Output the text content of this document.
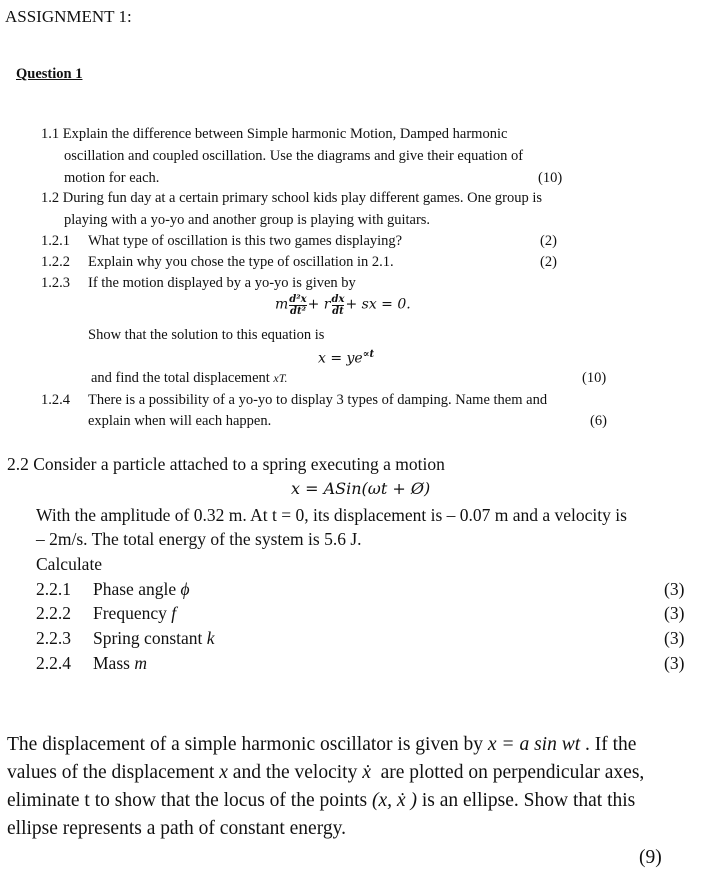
ASSIGNMENT 1:
Question 1
1.1 Explain the difference between Simple harmonic Motion, Damped harmonic
oscillation and coupled oscillation. Use the diagrams and give their equation of
motion for each.	(10)
1.2 During fun day at a certain primary school kids play different games. One group is
playing with a yo-yo and another group is playing with guitars.
1.2.1 What type of oscillation is this two games displaying?	(2)
1.2.2 Explain why you chose the type of oscillation in 2.1.	(2)
1.2.3 If the motion displayed by a yo-yo is given by
m $\frac{\text{d²x}}{\text{dt²}} + r \frac{dx}{dt}$ + sx = 0.
Show that the solution to this equation is
$x = ye^{\propto t}$
and find the total displacement xT.	(10)
1.2.4 There is a possibility of a yo-yo to display 3 types of damping. Name them and
explain when will each happen.	(6)
2.2 Consider a particle attached to a spring executing a motion
x = ASin(ωt + Ø)
With the amplitude of 0.32 m. At t = 0, its displacement is – 0.07 m and a velocity is
– 2m/s. The total energy of the system is 5.6 J.
Calculate
2.2.1 Phase angle ϕ	(3)
2.2.2 Frequency f	(3)
2.2.3 Spring constant k	(3)
2.2.4 Mass m	(3)
The displacement of a simple harmonic oscillator is given by x = a sin wt . If the
values of the displacement x and the velocity ẋ are plotted on perpendicular axes,
eliminate t to show that the locus of the points (x, ẋ ) is an ellipse. Show that this
ellipse represents a path of constant energy.
(9)
